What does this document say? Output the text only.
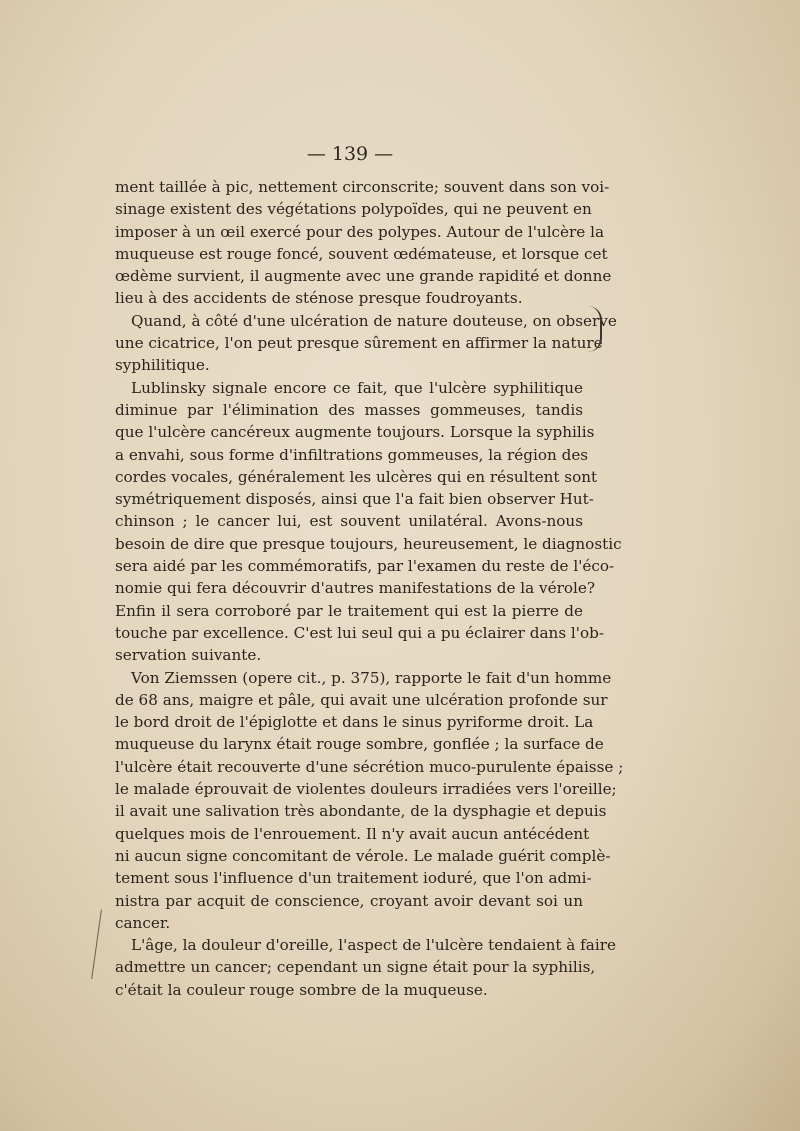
— 139 —
ment taillée à pic, nettement circonscrite; souvent dans son voi-
sinage existent des végétations polypoïdes, qui ne peuvent en
imposer à un œil exercé pour des polypes. Autour de l'ulcère la
muqueuse est rouge foncé, souvent œdémateuse, et lorsque cet
œdème survient, il augmente avec une grande rapidité et donne
lieu à des accidents de sténose presque foudroyants.
Quand, à côté d'une ulcération de nature douteuse, on observe
une cicatrice, l'on peut presque sûrement en affirmer la nature
syphilitique.
Lublinsky signale encore ce fait, que l'ulcère syphilitique
diminue par l'élimination des masses gommeuses, tandis
que l'ulcère cancéreux augmente toujours. Lorsque la syphilis
a envahi, sous forme d'infiltrations gommeuses, la région des
cordes vocales, généralement les ulcères qui en résultent sont
symétriquement disposés, ainsi que l'a fait bien observer Hut-
chinson ; le cancer lui, est souvent unilatéral. Avons-nous
besoin de dire que presque toujours, heureusement, le diagnostic
sera aidé par les commémoratifs, par l'examen du reste de l'éco-
nomie qui fera découvrir d'autres manifestations de la vérole?
Enfin il sera corroboré par le traitement qui est la pierre de
touche par excellence. C'est lui seul qui a pu éclairer dans l'ob-
servation suivante.
Von Ziemssen (opere cit., p. 375), rapporte le fait d'un homme
de 68 ans, maigre et pâle, qui avait une ulcération profonde sur
le bord droit de l'épiglotte et dans le sinus pyriforme droit. La
muqueuse du larynx était rouge sombre, gonflée ; la surface de
l'ulcère était recouverte d'une sécrétion muco-purulente épaisse ;
le malade éprouvait de violentes douleurs irradiées vers l'oreille;
il avait une salivation très abondante, de la dysphagie et depuis
quelques mois de l'enrouement. Il n'y avait aucun antécédent
ni aucun signe concomitant de vérole. Le malade guérit complè-
tement sous l'influence d'un traitement ioduré, que l'on admi-
nistra par acquit de conscience, croyant avoir devant soi un
cancer.
L'âge, la douleur d'oreille, l'aspect de l'ulcère tendaient à faire
admettre un cancer; cependant un signe était pour la syphilis,
c'était la couleur rouge sombre de la muqueuse.
